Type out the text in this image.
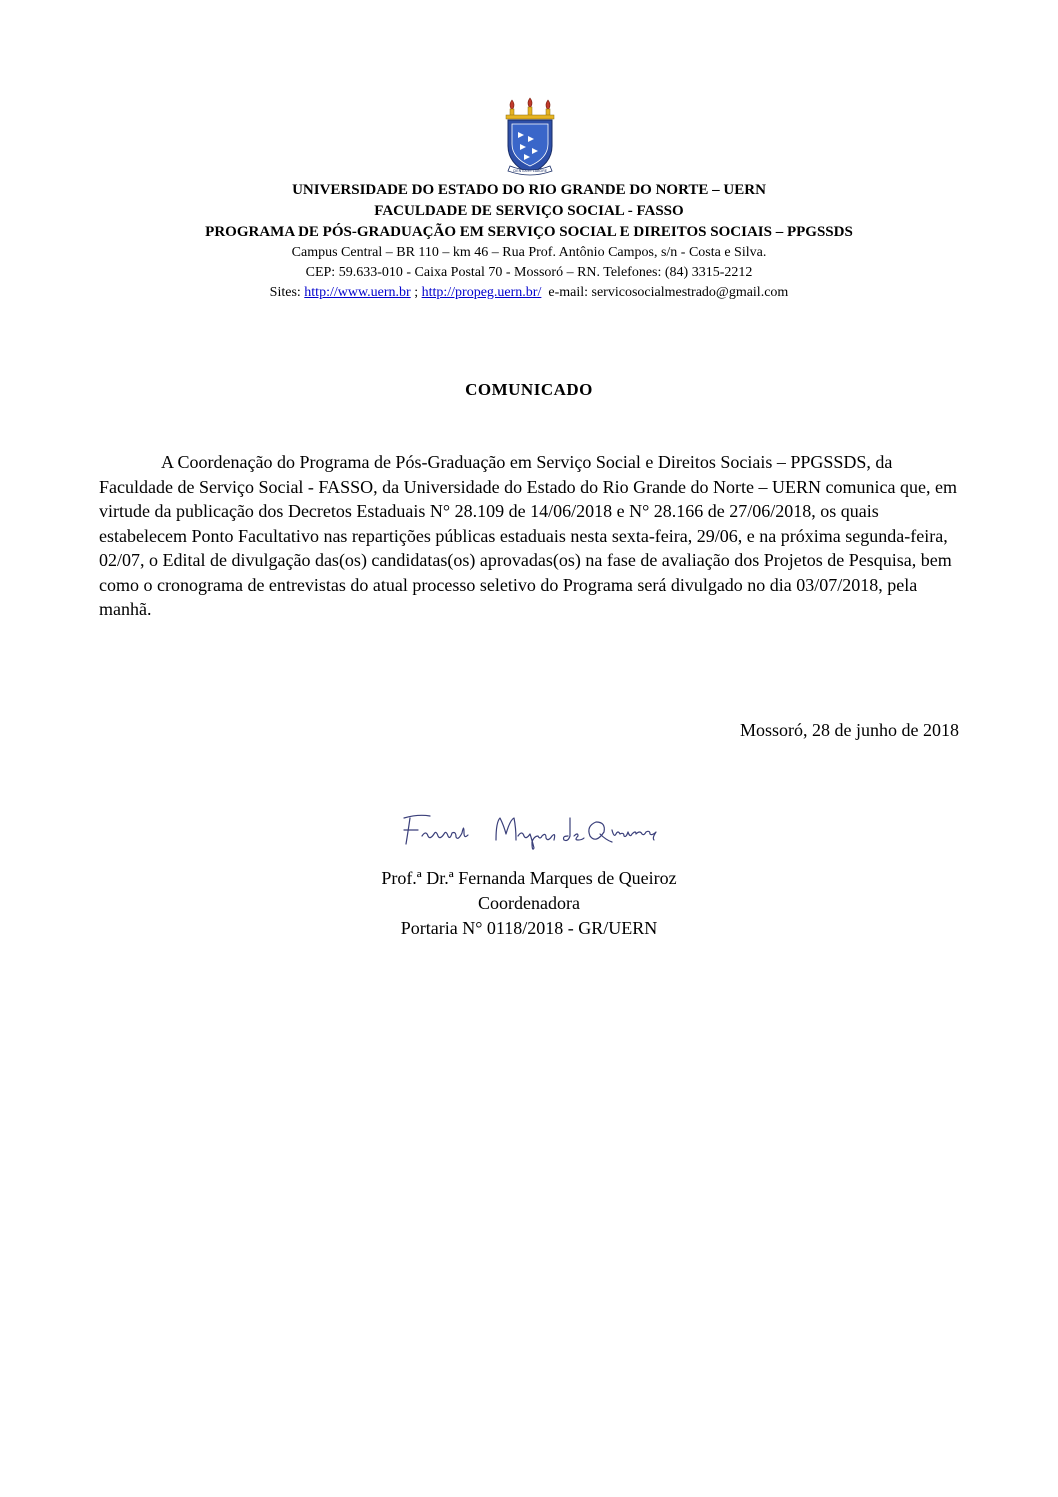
CIENTIA ET LABORE
UNIVERSIDADE DO ESTADO DO RIO GRANDE DO NORTE – UERN
FACULDADE DE SERVIÇO SOCIAL - FASSO
PROGRAMA DE PÓS-GRADUAÇÃO EM SERVIÇO SOCIAL E DIREITOS SOCIAIS – PPGSSDS
Campus Central – BR 110 – km 46 – Rua Prof. Antônio Campos, s/n - Costa e Silva.
CEP: 59.633-010 - Caixa Postal 70 - Mossoró – RN. Telefones: (84) 3315-2212
Sites: http://www.uern.br ; http://propeg.uern.br/  e-mail: servicosocialmestrado@gmail.com
COMUNICADO

A Coordenação do Programa de Pós-Graduação em Serviço Social e Direitos Sociais – PPGSSDS, da Faculdade de Serviço Social - FASSO, da Universidade do Estado do Rio Grande do Norte – UERN comunica que, em virtude da publicação dos Decretos Estaduais N° 28.109 de 14/06/2018 e N° 28.166 de 27/06/2018, os quais estabelecem Ponto Facultativo nas repartições públicas estaduais nesta sexta-feira, 29/06, e na próxima segunda-feira, 02/07, o Edital de divulgação das(os) candidatas(os) aprovadas(os) na fase de avaliação dos Projetos de Pesquisa, bem como o cronograma de entrevistas do atual processo seletivo do Programa será divulgado no dia 03/07/2018, pela manhã.

Mossoró, 28 de junho de 2018
Prof.ª Dr.ª Fernanda Marques de Queiroz
Coordenadora
Portaria N° 0118/2018 - GR/UERN
